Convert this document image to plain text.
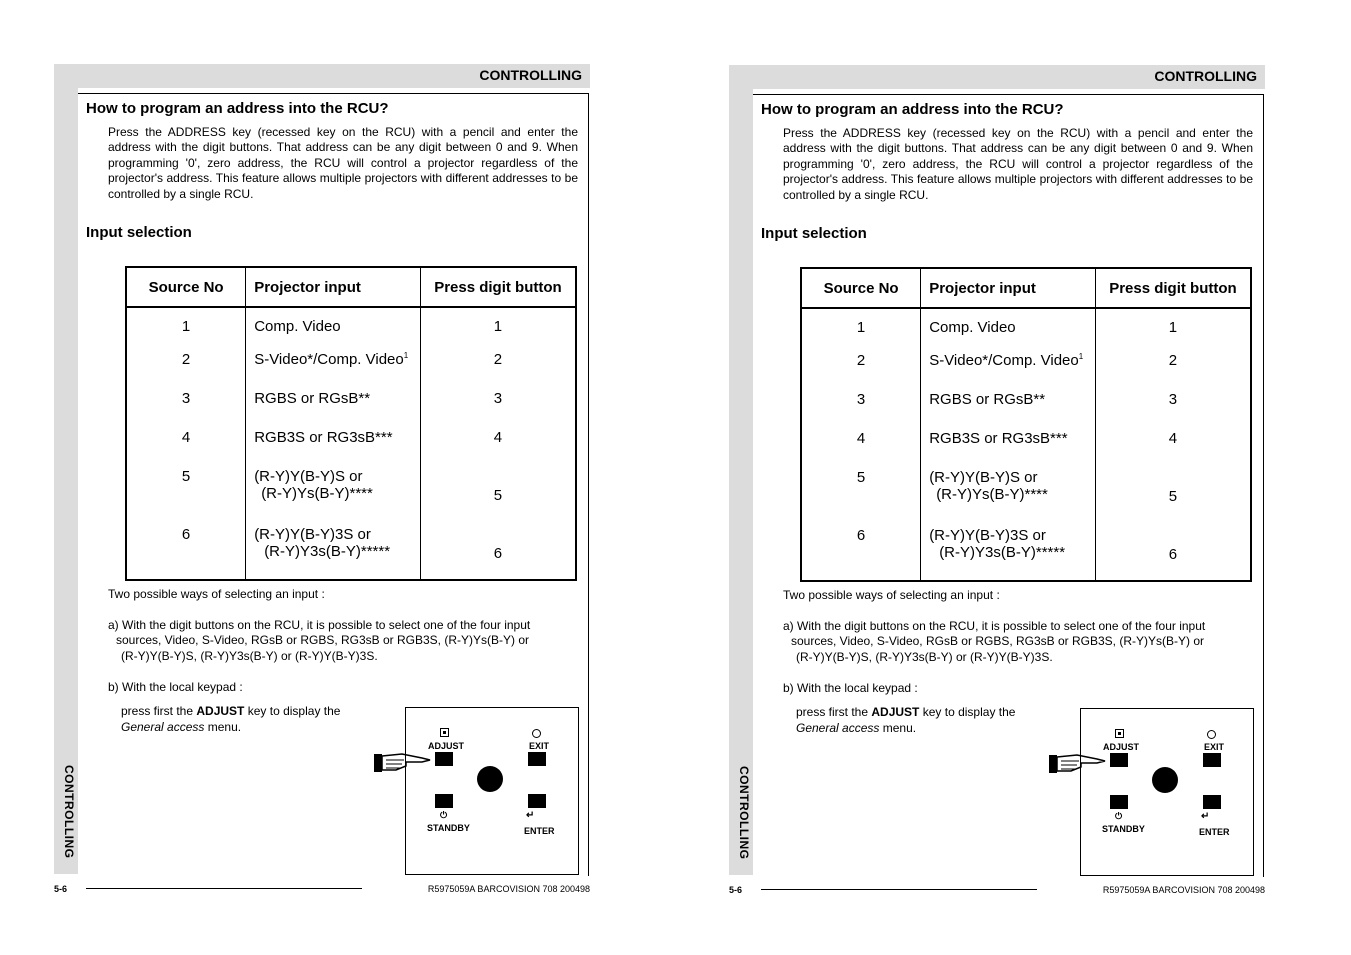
CONTROLLING
CONTROLLING
How to program an address into the RCU?
Press the ADDRESS key (recessed key on the RCU) with a pencil and enter the address with the digit buttons. That address can be any digit between 0 and 9. When programming '0', zero address, the RCU will control a projector regardless of the projector's address. This feature allows multiple projectors with different addresses to be controlled by a single RCU.
Input selection
Source No	Projector input	Press digit button
1	Comp. Video	1
2	S-Video*/Comp. Video$^1$	2
3	RGBS or RGsB**	3
4	RGB3S or RG3sB***	4
5	(R-Y)Y(B-Y)S or
(R-Y)Ys(B-Y)****	5
6	(R-Y)Y(B-Y)3S or
(R-Y)Y3s(B-Y)*****	6
Two possible ways of selecting an input :
a) With the digit buttons on the RCU, it is possible to select one of the four input
sources, Video, S-Video, RGsB or RGBS, RG3sB or RGB3S, (R-Y)Ys(B-Y) or
(R-Y)Y(B-Y)S, (R-Y)Y3s(B-Y) or (R-Y)Y(B-Y)3S.
b) With the local keypad :
press first the ADJUST key to display the
General access menu.
ADJUST	EXIT
⏻
STANDBY
↵
ENTER
5-6	R5975059A BARCOVISION 708 200498
CONTROLLING
CONTROLLING
How to program an address into the RCU?
Press the ADDRESS key (recessed key on the RCU) with a pencil and enter the address with the digit buttons. That address can be any digit between 0 and 9. When programming '0', zero address, the RCU will control a projector regardless of the projector's address. This feature allows multiple projectors with different addresses to be controlled by a single RCU.
Input selection
Source No	Projector input	Press digit button
1	Comp. Video	1
2	S-Video*/Comp. Video$^1$	2
3	RGBS or RGsB**	3
4	RGB3S or RG3sB***	4
5	(R-Y)Y(B-Y)S or
(R-Y)Ys(B-Y)****	5
6	(R-Y)Y(B-Y)3S or
(R-Y)Y3s(B-Y)*****	6
Two possible ways of selecting an input :
a) With the digit buttons on the RCU, it is possible to select one of the four input
sources, Video, S-Video, RGsB or RGBS, RG3sB or RGB3S, (R-Y)Ys(B-Y) or
(R-Y)Y(B-Y)S, (R-Y)Y3s(B-Y) or (R-Y)Y(B-Y)3S.
b) With the local keypad :
press first the ADJUST key to display the
General access menu.
ADJUST	EXIT
⏻
STANDBY
↵
ENTER
5-6	R5975059A BARCOVISION 708 200498
